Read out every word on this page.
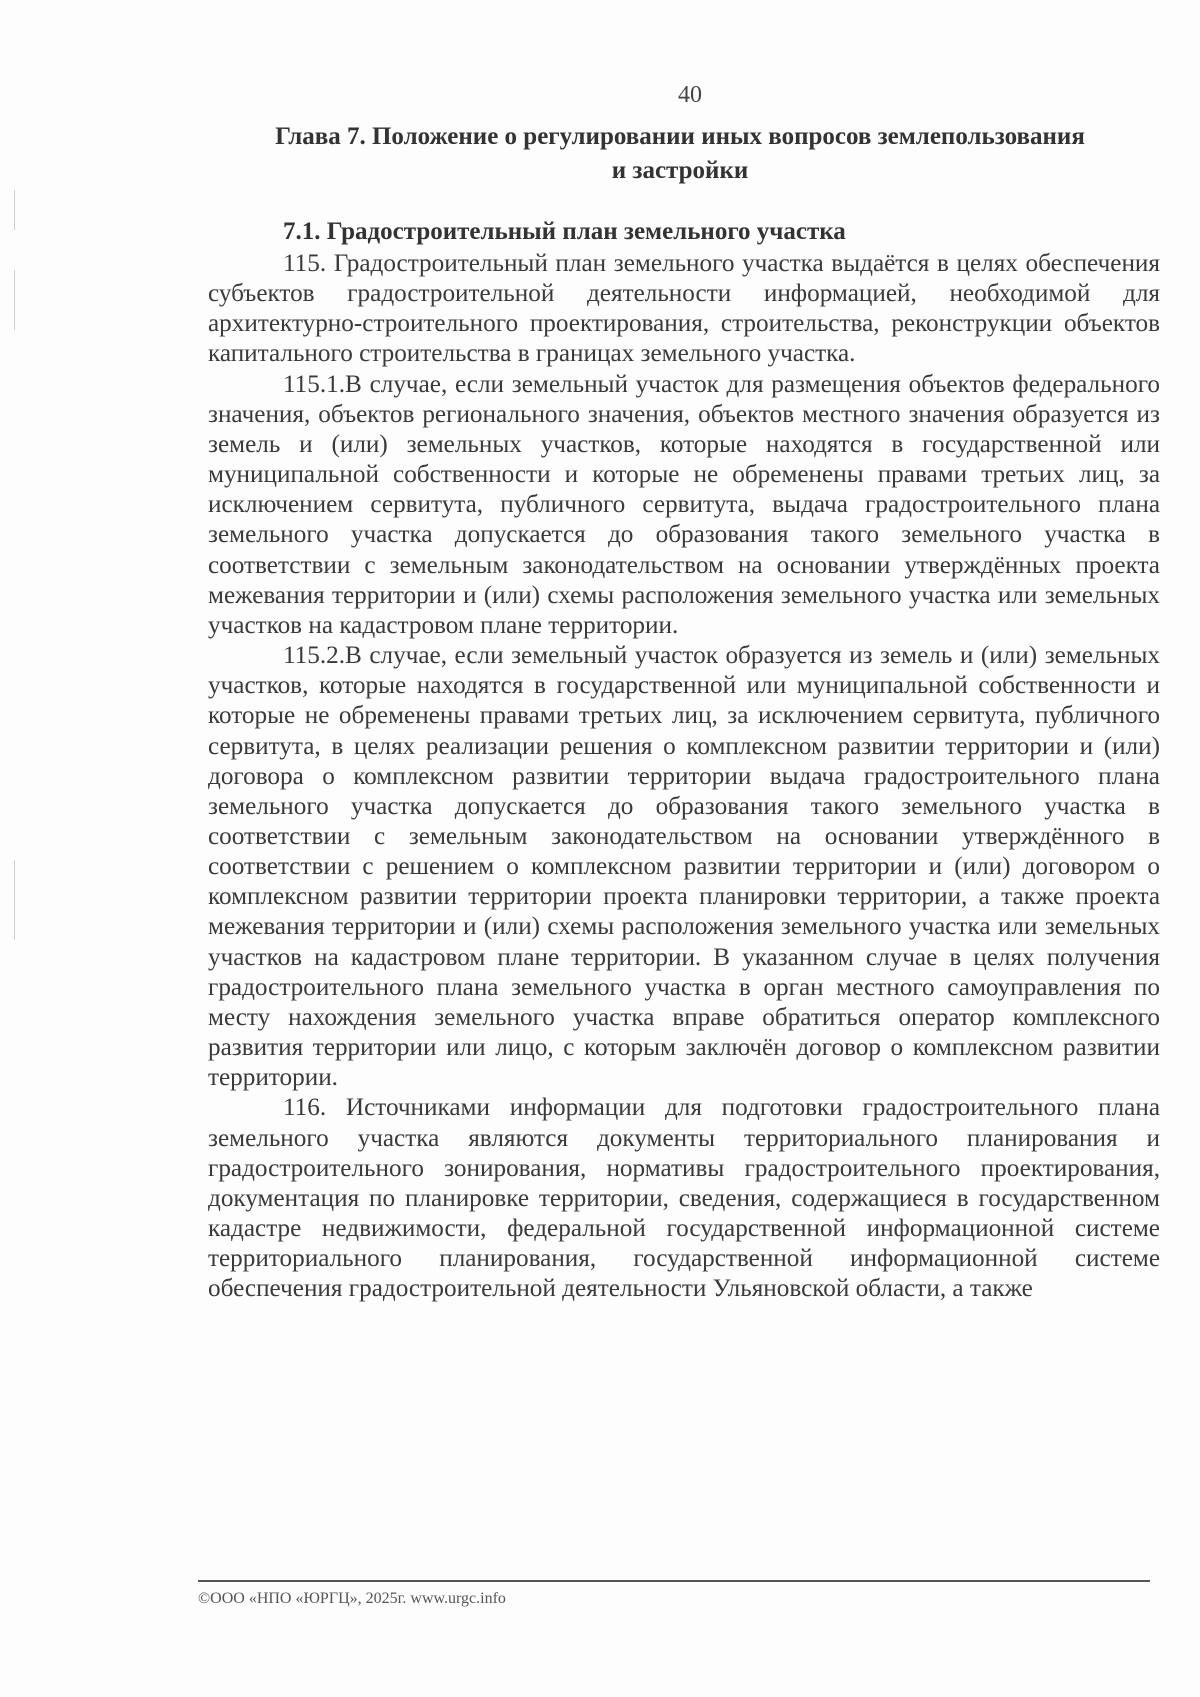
40
Глава 7. Положение о регулировании иных вопросов землепользования
и застройки
7.1. Градостроительный план земельного участка

115. Градостроительный план земельного участка выдаётся в целях обеспечения субъектов градостроительной деятельности информацией, необходимой для архитектурно-строительного проектирования, строительства, реконструкции объектов капитального строительства в границах земельного участка.

115.1.В случае, если земельный участок для размещения объектов федерального значения, объектов регионального значения, объектов местного значения образуется из земель и (или) земельных участков, которые находятся в государственной или муниципальной собственности и которые не обременены правами третьих лиц, за исключением сервитута, публичного сервитута, выдача градостроительного плана земельного участка допускается до образования такого земельного участка в соответствии с земельным законодательством на основании утверждённых проекта межевания территории и (или) схемы расположения земельного участка или земельных участков на кадастровом плане территории.

115.2.В случае, если земельный участок образуется из земель и (или) земельных участков, которые находятся в государственной или муниципальной собственности и которые не обременены правами третьих лиц, за исключением сервитута, публичного сервитута, в целях реализации решения о комплексном развитии территории и (или) договора о комплексном развитии территории выдача градостроительного плана земельного участка допускается до образования такого земельного участка в соответствии с земельным законодательством на основании утверждённого в соответствии с решением о комплексном развитии территории и (или) договором о комплексном развитии территории проекта планировки территории, а также проекта межевания территории и (или) схемы расположения земельного участка или земельных участков на кадастровом плане территории. В указанном случае в целях получения градостроительного плана земельного участка в орган местного самоуправления по месту нахождения земельного участка вправе обратиться оператор комплексного развития территории или лицо, с которым заключён договор о комплексном развитии территории.

116. Источниками информации для подготовки градостроительного плана земельного участка являются документы территориального планирования и градостроительного зонирования, нормативы градостроительного проектирования, документация по планировке территории, сведения, содержащиеся в государственном кадастре недвижимости, федеральной государственной информационной системе территориального планирования, государственной информационной системе обеспечения градостроительной деятельности Ульяновской области, а также

©ООО «НПО «ЮРГЦ», 2025г. www.urgc.info
